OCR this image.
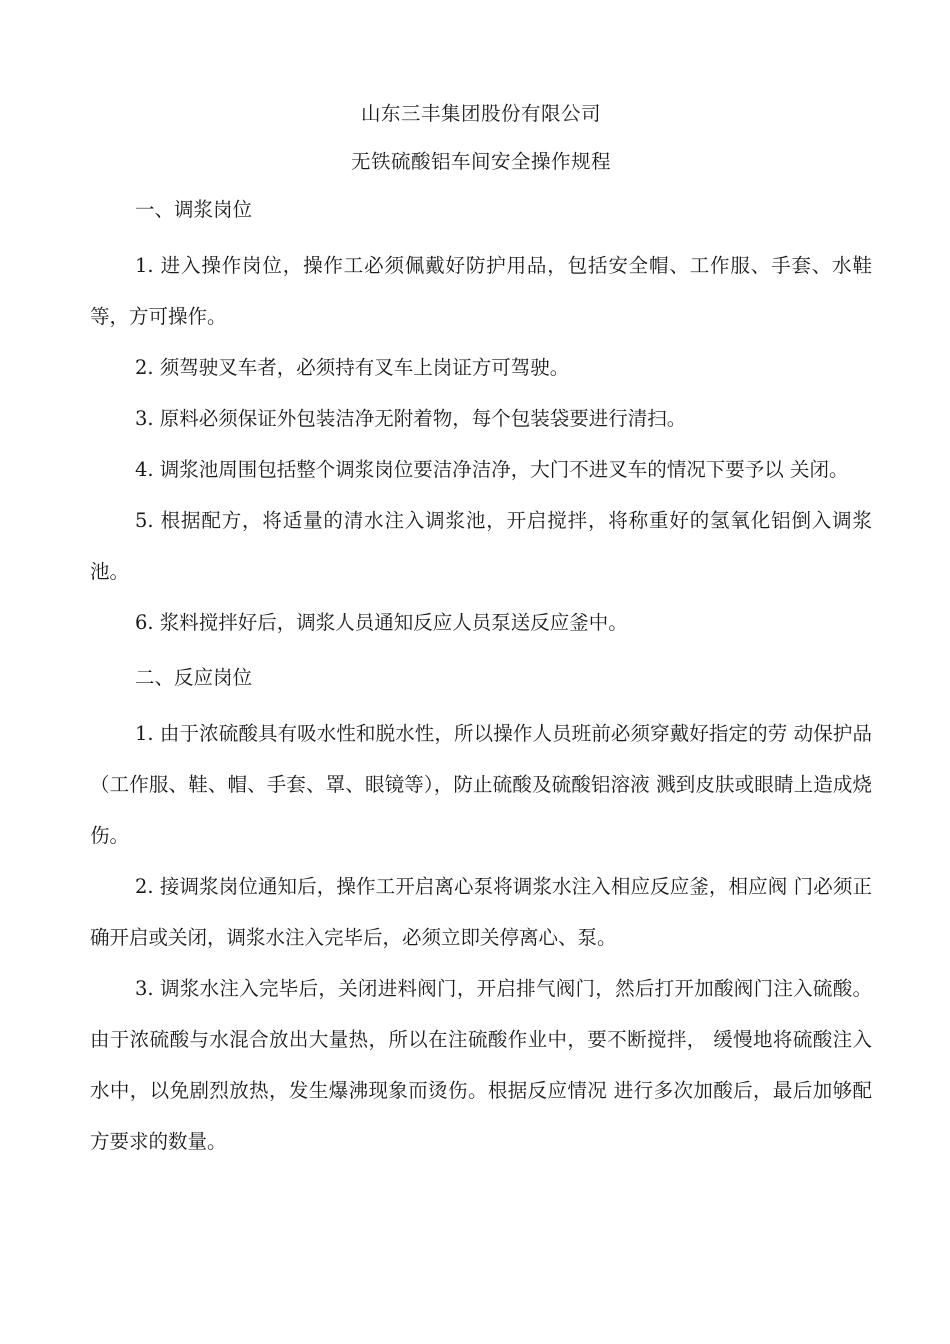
山东三丰集团股份有限公司
无铁硫酸铝车间安全操作规程

一、调浆岗位

1. 进入操作岗位，操作工必须佩戴好防护用品，包括安全帽、工作服、手套、水鞋等，方可操作。

2. 须驾驶叉车者，必须持有叉车上岗证方可驾驶。

3. 原料必须保证外包装洁净无附着物，每个包装袋要进行清扫。

4. 调浆池周围包括整个调浆岗位要洁净洁净，大门不进叉车的情况下要予以 关闭。

5. 根据配方，将适量的清水注入调浆池，开启搅拌，将称重好的氢氧化铝倒入调浆池。

6. 浆料搅拌好后，调浆人员通知反应人员泵送反应釜中。

二、反应岗位

1. 由于浓硫酸具有吸水性和脱水性，所以操作人员班前必须穿戴好指定的劳 动保护品（工作服、鞋、帽、手套、罩、眼镜等），防止硫酸及硫酸铝溶液 溅到皮肤或眼睛上造成烧伤。

2. 接调浆岗位通知后，操作工开启离心泵将调浆水注入相应反应釜，相应阀 门必须正确开启或关闭，调浆水注入完毕后，必须立即关停离心、泵。

3. 调浆水注入完毕后，关闭进料阀门，开启排气阀门，然后打开加酸阀门注入硫酸。由于浓硫酸与水混合放出大量热，所以在注硫酸作业中，要不断搅拌， 缓慢地将硫酸注入水中，以免剧烈放热，发生爆沸现象而烫伤。根据反应情况 进行多次加酸后，最后加够配方要求的数量。
